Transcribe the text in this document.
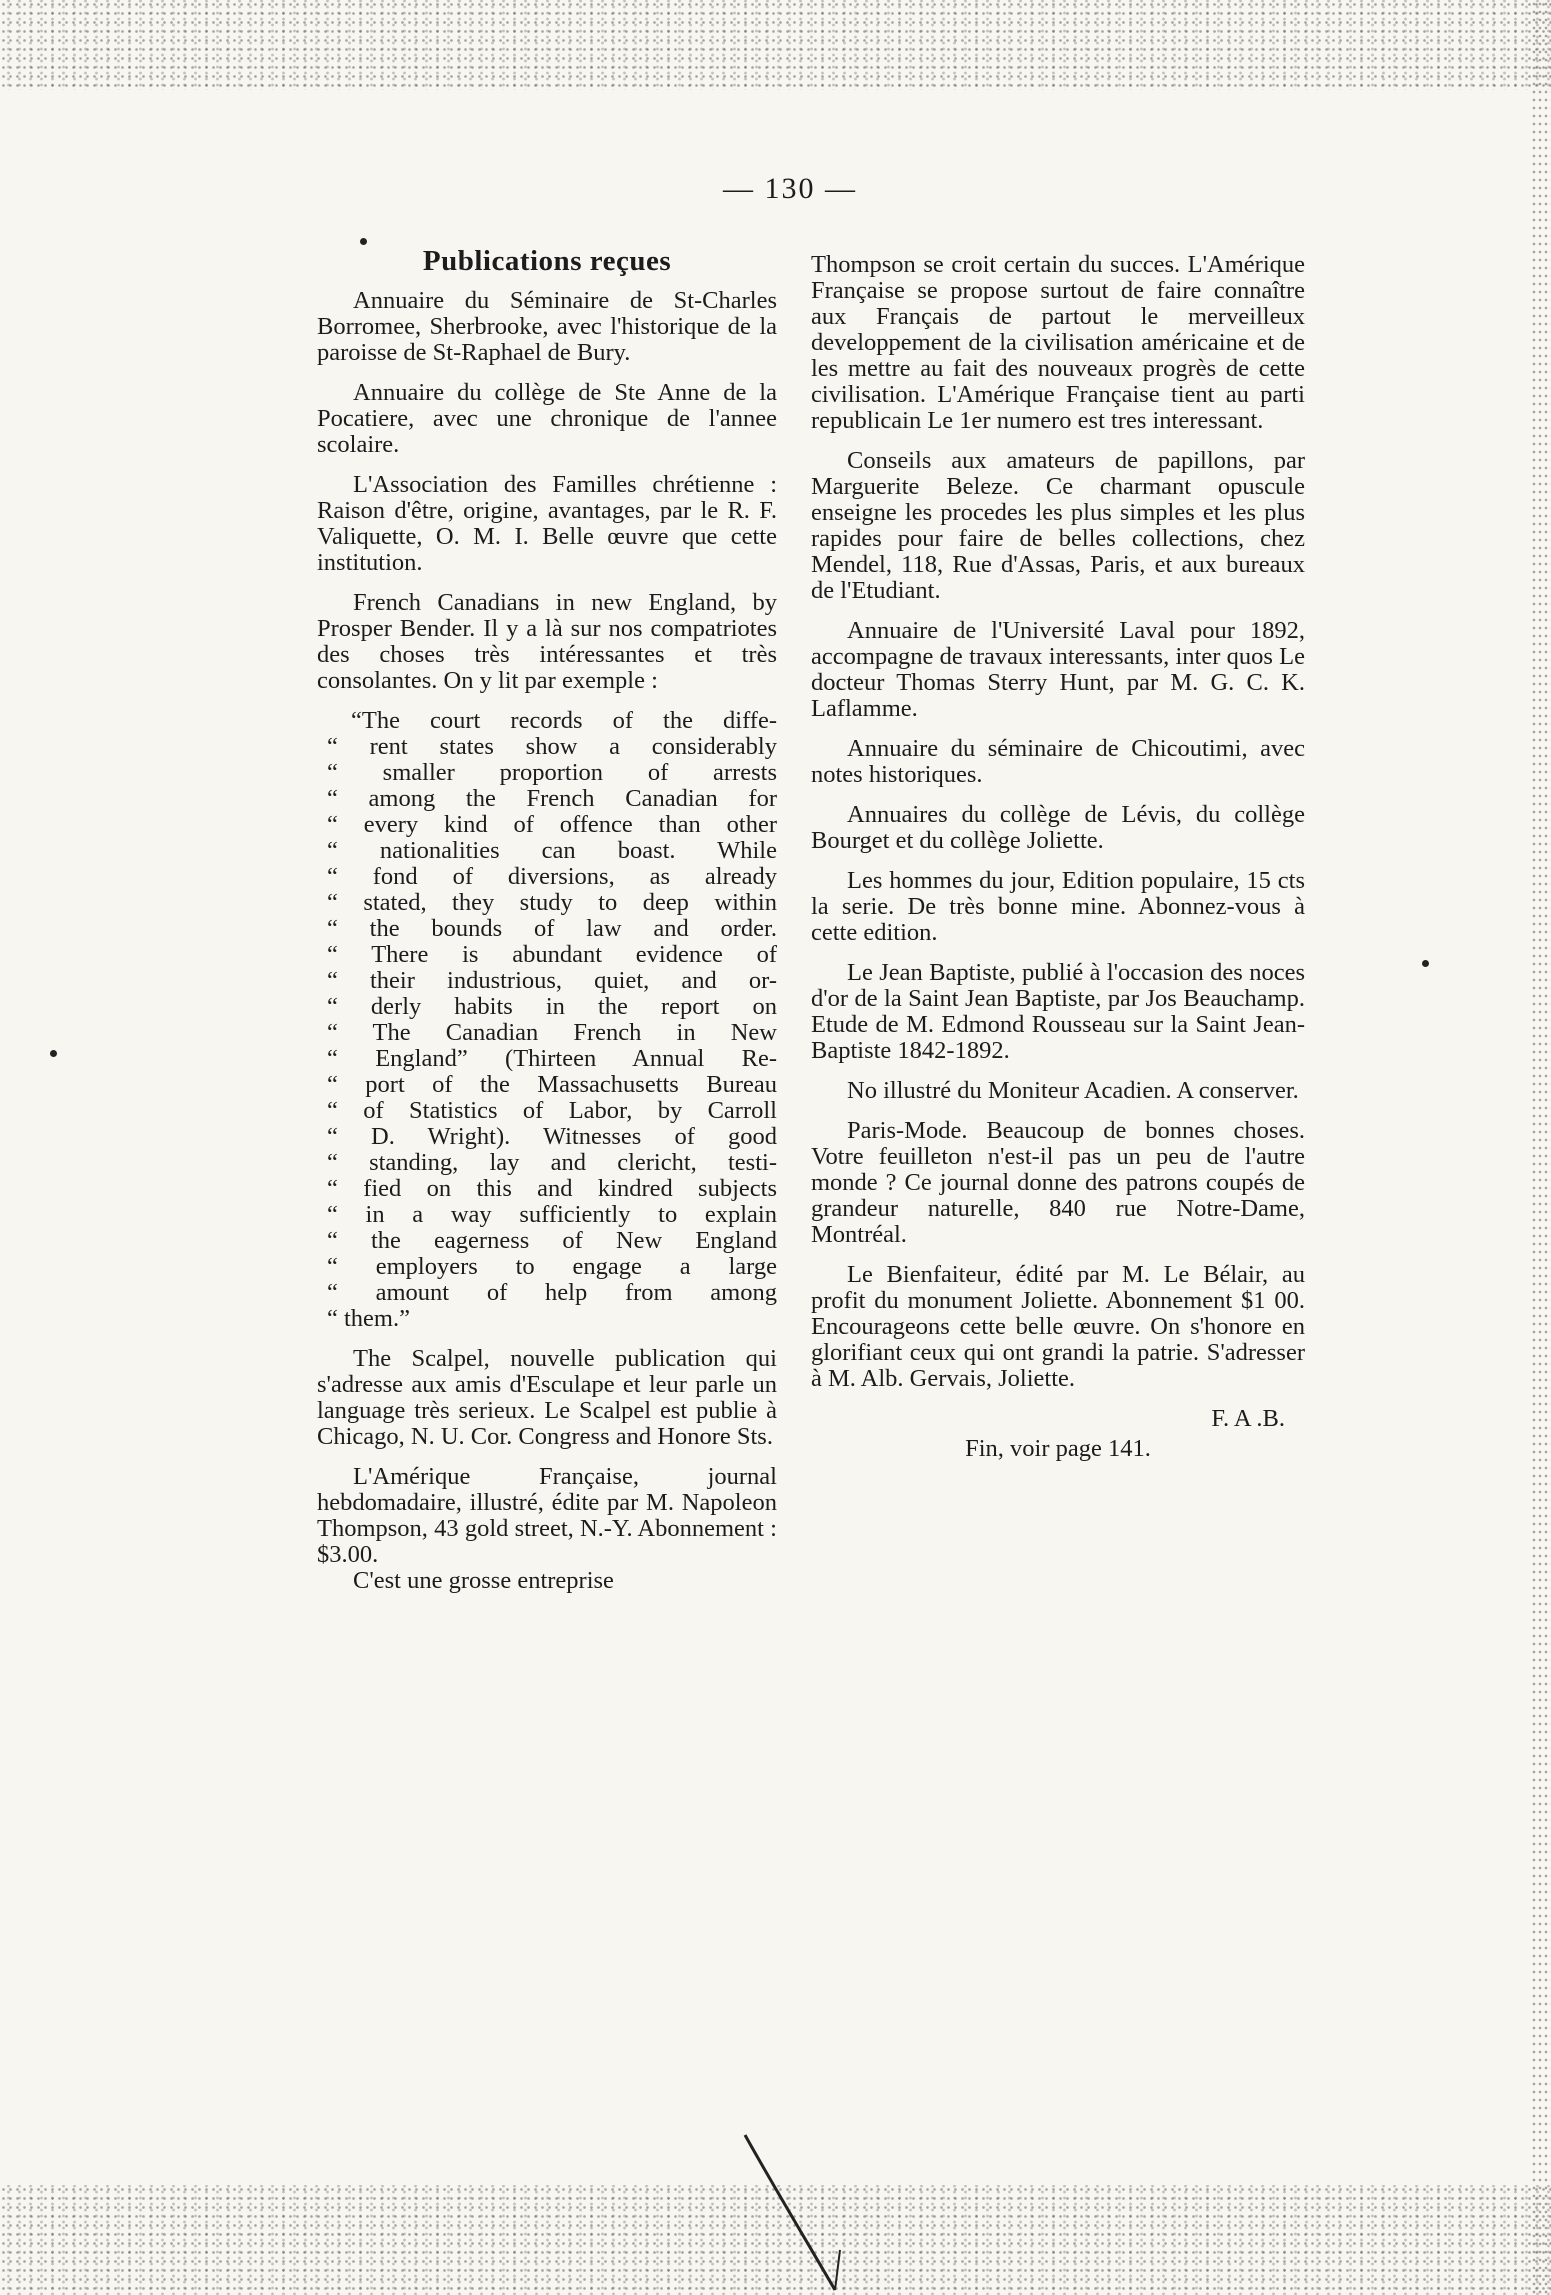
— 130 —
Publications reçues

Annuaire du Séminaire de St-Charles Borromee, Sherbrooke, avec l'historique de la paroisse de St-Raphael de Bury.

Annuaire du collège de Ste Anne de la Pocatiere, avec une chronique de l'annee scolaire.

L'Association des Familles chrétienne : Raison d'être, origine, avantages, par le R. F. Valiquette, O. M. I. Belle œuvre que cette institution.

French Canadians in new England, by Prosper Bender. Il y a là sur nos compatriotes des choses très intéressantes et très consolantes. On y lit par exemple :

“The court records of the diffe-
“ rent states show a considerably
“ smaller proportion of arrests
“ among the French Canadian for
“ every kind of offence than other
“ nationalities can boast. While
“ fond of diversions, as already
“ stated, they study to deep within
“ the bounds of law and order.
“ There is abundant evidence of
“ their industrious, quiet, and or-
“ derly habits in the report on
“ The Canadian French in New
“ England” (Thirteen Annual Re-
“ port of the Massachusetts Bureau
“ of Statistics of Labor, by Carroll
“ D. Wright). Witnesses of good
“ standing, lay and clericht, testi-
“ fied on this and kindred subjects
“ in a way sufficiently to explain
“ the eagerness of New England
“ employers to engage a large
“ amount of help from among
“ them.”

The Scalpel, nouvelle publication qui s'adresse aux amis d'Esculape et leur parle un language très serieux. Le Scalpel est publie à Chicago, N. U. Cor. Congress and Honore Sts.

L'Amérique Française, journal hebdomadaire, illustré, édite par M. Napoleon Thompson, 43 gold street, N.-Y. Abonnement : $3.00.

C'est une grosse entreprise

Thompson se croit certain du succes. L'Amérique Française se propose surtout de faire connaître aux Français de partout le merveilleux developpement de la civilisation américaine et de les mettre au fait des nouveaux progrès de cette civilisation. L'Amérique Française tient au parti republicain Le 1er numero est tres interessant.

Conseils aux amateurs de papillons, par Marguerite Beleze. Ce charmant opuscule enseigne les procedes les plus simples et les plus rapides pour faire de belles collections, chez Mendel, 118, Rue d'Assas, Paris, et aux bureaux de l'Etudiant.

Annuaire de l'Université Laval pour 1892, accompagne de travaux interessants, inter quos Le docteur Thomas Sterry Hunt, par M. G. C. K. Laflamme.

Annuaire du séminaire de Chicoutimi, avec notes historiques.

Annuaires du collège de Lévis, du collège Bourget et du collège Joliette.

Les hommes du jour, Edition populaire, 15 cts la serie. De très bonne mine. Abonnez-vous à cette edition.

Le Jean Baptiste, publié à l'occasion des noces d'or de la Saint Jean Baptiste, par Jos Beauchamp. Etude de M. Edmond Rousseau sur la Saint Jean-Baptiste 1842-1892.

No illustré du Moniteur Acadien. A conserver.

Paris-Mode. Beaucoup de bonnes choses. Votre feuilleton n'est-il pas un peu de l'autre monde ? Ce journal donne des patrons coupés de grandeur naturelle, 840 rue Notre-Dame, Montréal.

Le Bienfaiteur, édité par M. Le Bélair, au profit du monument Joliette. Abonnement $1 00. Encourageons cette belle œuvre. On s'honore en glorifiant ceux qui ont grandi la patrie. S'adresser à M. Alb. Gervais, Joliette.

F. A .B.
Fin, voir page 141.
